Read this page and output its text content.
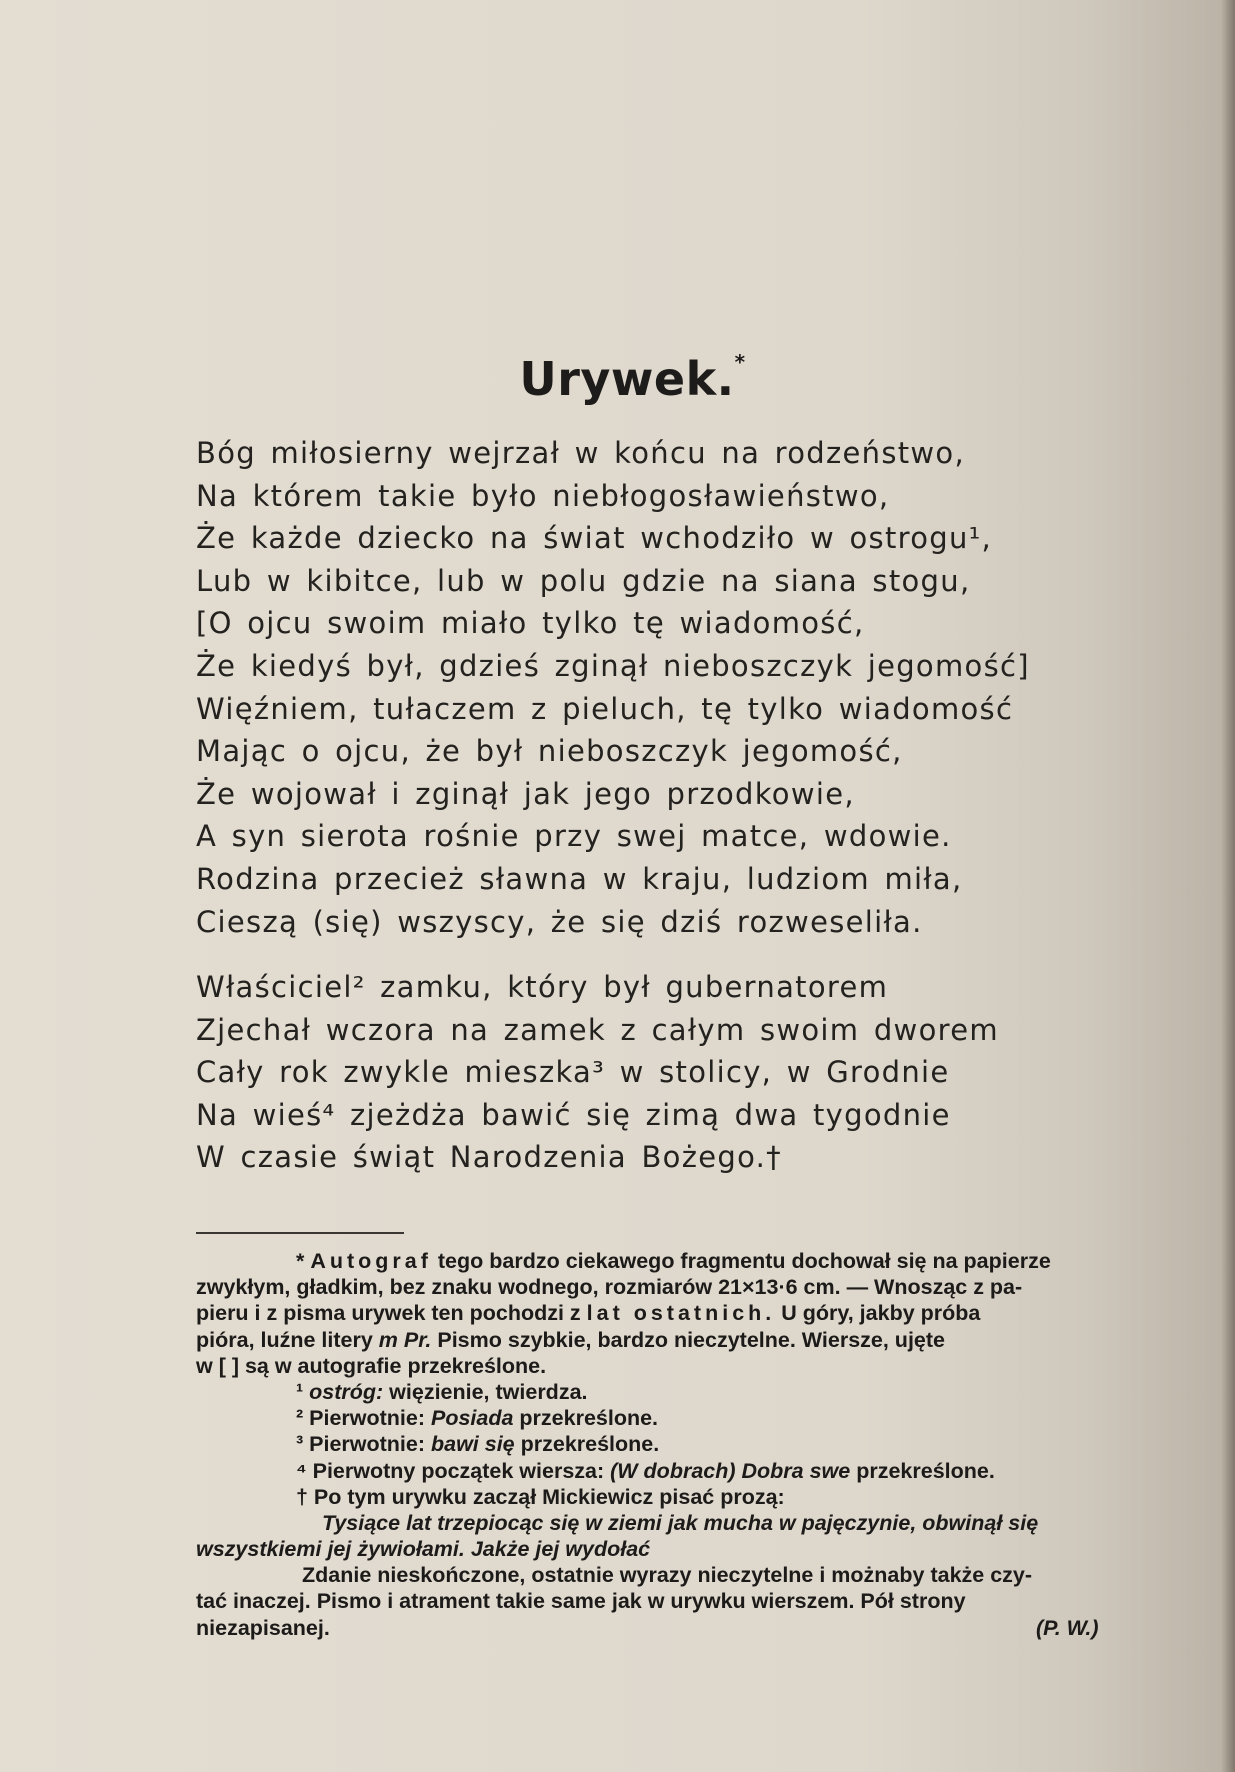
Urywek.*
Bóg miłosierny wejrzał w końcu na rodzeństwo,
Na którem takie było niebłogosławieństwo,
Że każde dziecko na świat wchodziło w ostrogu¹,
Lub w kibitce, lub w polu gdzie na siana stogu,
[O ojcu swoim miało tylko tę wiadomość,
Że kiedyś był, gdzieś zginął nieboszczyk jegomość]
Więźniem, tułaczem z pieluch, tę tylko wiadomość
Mając o ojcu, że był nieboszczyk jegomość,
Że wojował i zginął jak jego przodkowie,
A syn sierota rośnie przy swej matce, wdowie.
Rodzina przecież sławna w kraju, ludziom miła,
Cieszą (się) wszyscy, że się dziś rozweseliła.
Właściciel² zamku, który był gubernatorem
Zjechał wczora na zamek z całym swoim dworem
Cały rok zwykle mieszka³ w stolicy, w Grodnie
Na wieś⁴ zjeżdża bawić się zimą dwa tygodnie
W czasie świąt Narodzenia Bożego.†
* Autograf tego bardzo ciekawego fragmentu dochował się na papierze
zwykłym, gładkim, bez znaku wodnego, rozmiarów 21×13·6 cm. — Wnosząc z pa-
pieru i z pisma urywek ten pochodzi z lat ostatnich. U góry, jakby próba
pióra, luźne litery m Pr. Pismo szybkie, bardzo nieczytelne. Wiersze, ujęte
w [ ] są w autografie przekreślone.
¹ ostróg: więzienie, twierdza.
² Pierwotnie: Posiada przekreślone.
³ Pierwotnie: bawi się przekreślone.
⁴ Pierwotny początek wiersza: (W dobrach) Dobra swe przekreślone.
† Po tym urywku zaczął Mickiewicz pisać prozą:
Tysiące lat trzepiocąc się w ziemi jak mucha w pajęczynie, obwinął się
wszystkiemi jej żywiołami. Jakże jej wydołać
Zdanie nieskończone, ostatnie wyrazy nieczytelne i możnaby także czy-
tać inaczej. Pismo i atrament takie same jak w urywku wierszem. Pół strony
niezapisanej.	(P. W.)
